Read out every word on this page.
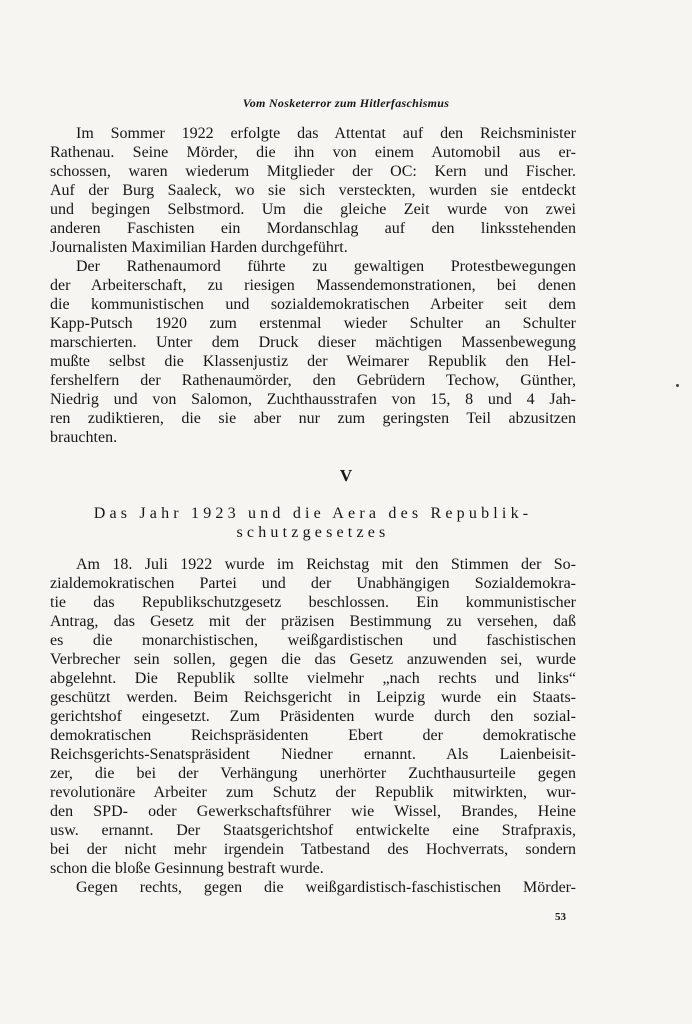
Vom Nosketerror zum Hitlerfaschismus
Im Sommer 1922 erfolgte das Attentat auf den Reichsminister
Rathenau. Seine Mörder, die ihn von einem Automobil aus er-
schossen, waren wiederum Mitglieder der OC: Kern und Fischer.
Auf der Burg Saaleck, wo sie sich versteckten, wurden sie entdeckt
und begingen Selbstmord. Um die gleiche Zeit wurde von zwei
anderen Faschisten ein Mordanschlag auf den linksstehenden
Journalisten Maximilian Harden durchgeführt.
Der Rathenaumord führte zu gewaltigen Protestbewegungen
der Arbeiterschaft, zu riesigen Massendemonstrationen, bei denen
die kommunistischen und sozialdemokratischen Arbeiter seit dem
Kapp-Putsch 1920 zum erstenmal wieder Schulter an Schulter
marschierten. Unter dem Druck dieser mächtigen Massenbewegung
mußte selbst die Klassenjustiz der Weimarer Republik den Hel-
fershelfern der Rathenaumörder, den Gebrüdern Techow, Günther,
Niedrig und von Salomon, Zuchthausstrafen von 15, 8 und 4 Jah-
ren zudiktieren, die sie aber nur zum geringsten Teil abzusitzen
brauchten.
V
Das Jahr 1923 und die Aera des Republik-
schutzgesetzes
Am 18. Juli 1922 wurde im Reichstag mit den Stimmen der So-
zialdemokratischen Partei und der Unabhängigen Sozialdemokra-
tie das Republikschutzgesetz beschlossen. Ein kommunistischer
Antrag, das Gesetz mit der präzisen Bestimmung zu versehen, daß
es die monarchistischen, weißgardistischen und faschistischen
Verbrecher sein sollen, gegen die das Gesetz anzuwenden sei, wurde
abgelehnt. Die Republik sollte vielmehr „nach rechts und links“
geschützt werden. Beim Reichsgericht in Leipzig wurde ein Staats-
gerichtshof eingesetzt. Zum Präsidenten wurde durch den sozial-
demokratischen Reichspräsidenten Ebert der demokratische
Reichsgerichts-Senatspräsident Niedner ernannt. Als Laienbeisit-
zer, die bei der Verhängung unerhörter Zuchthausurteile gegen
revolutionäre Arbeiter zum Schutz der Republik mitwirkten, wur-
den SPD- oder Gewerkschaftsführer wie Wissel, Brandes, Heine
usw. ernannt. Der Staatsgerichtshof entwickelte eine Strafpraxis,
bei der nicht mehr irgendein Tatbestand des Hochverrats, sondern
schon die bloße Gesinnung bestraft wurde.
Gegen rechts, gegen die weißgardistisch-faschistischen Mörder-
53
